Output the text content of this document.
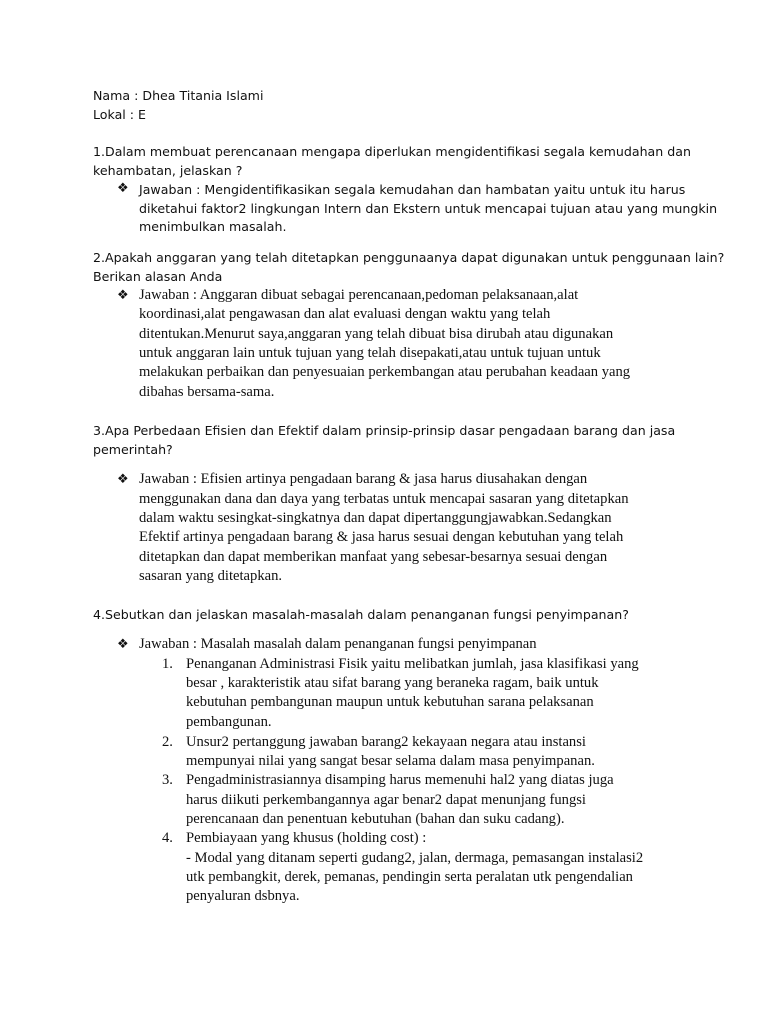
Nama : Dhea Titania Islami
Lokal : E
1.Dalam membuat perencanaan mengapa diperlukan mengidentifikasi segala kemudahan dan
kehambatan, jelaskan ?
❖ Jawaban : Mengidentifikasikan segala kemudahan dan hambatan yaitu untuk itu harus
diketahui faktor2 lingkungan Intern dan Ekstern untuk mencapai tujuan atau yang mungkin
menimbulkan masalah.
2.Apakah anggaran yang telah ditetapkan penggunaanya dapat digunakan untuk penggunaan lain?
Berikan alasan Anda
❖ Jawaban : Anggaran dibuat sebagai perencanaan,pedoman pelaksanaan,alat
koordinasi,alat pengawasan dan alat evaluasi dengan waktu yang telah
ditentukan.Menurut saya,anggaran yang telah dibuat bisa dirubah atau digunakan
untuk anggaran lain untuk tujuan yang telah disepakati,atau untuk tujuan untuk
melakukan perbaikan dan penyesuaian perkembangan atau perubahan keadaan yang
dibahas bersama-sama.
3.Apa Perbedaan Efisien dan Efektif dalam prinsip-prinsip dasar pengadaan barang dan jasa
pemerintah?
❖ Jawaban : Efisien artinya pengadaan barang & jasa harus diusahakan dengan
menggunakan dana dan daya yang terbatas untuk mencapai sasaran yang ditetapkan
dalam waktu sesingkat-singkatnya dan dapat dipertanggungjawabkan.Sedangkan
Efektif artinya pengadaan barang & jasa harus sesuai dengan kebutuhan yang telah
ditetapkan dan dapat memberikan manfaat yang sebesar-besarnya sesuai dengan
sasaran yang ditetapkan.
4.Sebutkan dan jelaskan masalah-masalah dalam penanganan fungsi penyimpanan?
❖ Jawaban : Masalah masalah dalam penanganan fungsi penyimpanan
1. Penanganan Administrasi Fisik yaitu melibatkan jumlah, jasa klasifikasi yang
besar , karakteristik atau sifat barang yang beraneka ragam, baik untuk
kebutuhan pembangunan maupun untuk kebutuhan sarana pelaksanan
pembangunan.
2. Unsur2 pertanggung jawaban barang2 kekayaan negara atau instansi
mempunyai nilai yang sangat besar selama dalam masa penyimpanan.
3. Pengadministrasiannya disamping harus memenuhi hal2 yang diatas juga
harus diikuti perkembangannya agar benar2 dapat menunjang fungsi
perencanaan dan penentuan kebutuhan (bahan dan suku cadang).
4. Pembiayaan yang khusus (holding cost) :
- Modal yang ditanam seperti gudang2, jalan, dermaga, pemasangan instalasi2
utk pembangkit, derek, pemanas, pendingin serta peralatan utk pengendalian
penyaluran dsbnya.
